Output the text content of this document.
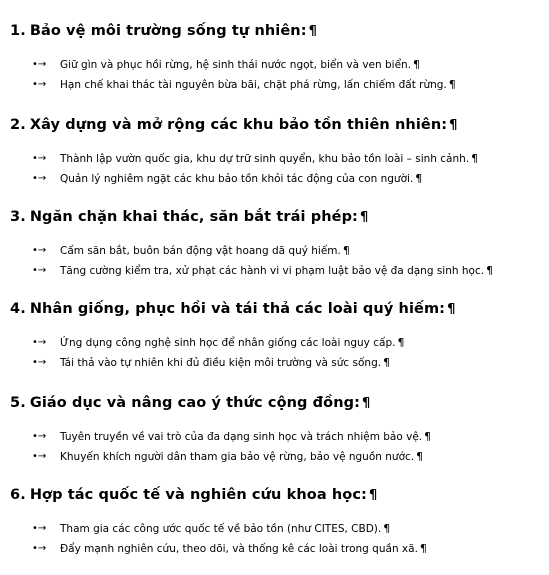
1. Bảo vệ môi trường sống tự nhiên: ¶
•→	Giữ gìn và phục hồi rừng, hệ sinh thái nước ngọt, biển và ven biển. ¶
•→	Hạn chế khai thác tài nguyên bừa bãi, chặt phá rừng, lấn chiếm đất rừng. ¶
2. Xây dựng và mở rộng các khu bảo tồn thiên nhiên: ¶
•→	Thành lập vườn quốc gia, khu dự trữ sinh quyển, khu bảo tồn loài – sinh cảnh. ¶
•→	Quản lý nghiêm ngặt các khu bảo tồn khỏi tác động của con người. ¶
3. Ngăn chặn khai thác, săn bắt trái phép: ¶
•→	Cấm săn bắt, buôn bán động vật hoang dã quý hiếm. ¶
•→	Tăng cường kiểm tra, xử phạt các hành vi vi phạm luật bảo vệ đa dạng sinh học. ¶
4. Nhân giống, phục hồi và tái thả các loài quý hiếm: ¶
•→	Ứng dụng công nghệ sinh học để nhân giống các loài nguy cấp. ¶
•→	Tái thả vào tự nhiên khi đủ điều kiện môi trường và sức sống. ¶
5. Giáo dục và nâng cao ý thức cộng đồng: ¶
•→	Tuyên truyền về vai trò của đa dạng sinh học và trách nhiệm bảo vệ. ¶
•→	Khuyến khích người dân tham gia bảo vệ rừng, bảo vệ nguồn nước. ¶
6. Hợp tác quốc tế và nghiên cứu khoa học: ¶
•→	Tham gia các công ước quốc tế về bảo tồn (như CITES, CBD). ¶
•→	Đẩy mạnh nghiên cứu, theo dõi, và thống kê các loài trong quần xã. ¶
